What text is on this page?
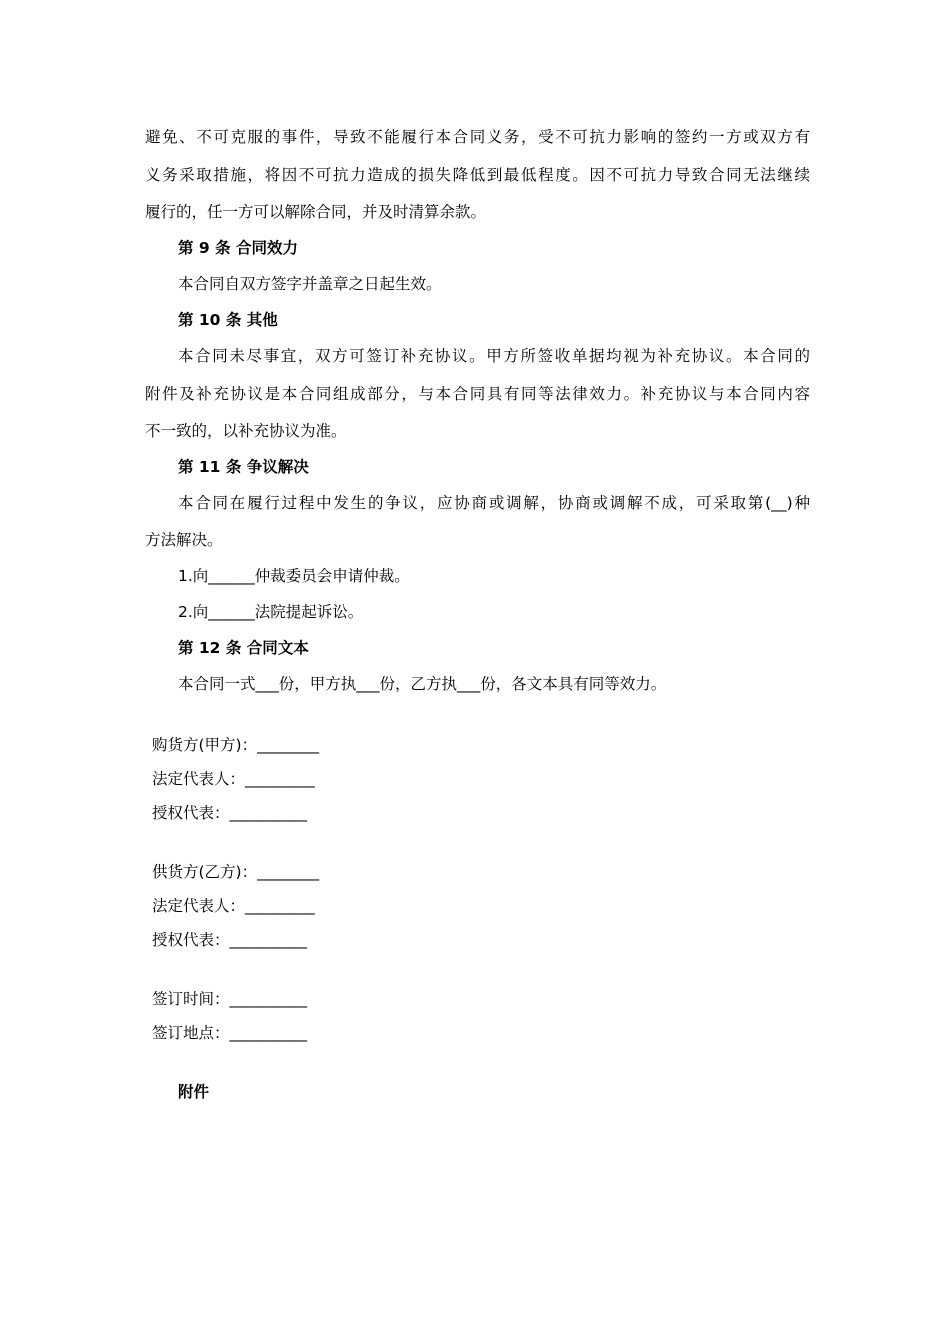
避免、不可克服的事件，导致不能履行本合同义务，受不可抗力影响的签约一方或双方有
义务采取措施，将因不可抗力造成的损失降低到最低程度。因不可抗力导致合同无法继续
履行的，任一方可以解除合同，并及时清算余款。
第 9 条 合同效力
本合同自双方签字并盖章之日起生效。
第 10 条 其他
本合同未尽事宜，双方可签订补充协议。甲方所签收单据均视为补充协议。本合同的
附件及补充协议是本合同组成部分，与本合同具有同等法律效力。补充协议与本合同内容
不一致的，以补充协议为准。
第 11 条 争议解决
本合同在履行过程中发生的争议，应协商或调解，协商或调解不成，可采取第(__)种
方法解决。
1.向______仲裁委员会申请仲裁。
2.向______法院提起诉讼。
第 12 条 合同文本
本合同一式___份，甲方执___份，乙方执___份，各文本具有同等效力。
购货方(甲方)：________
法定代表人：_________
授权代表：__________
供货方(乙方)：________
法定代表人：_________
授权代表：__________
签订时间：__________
签订地点：__________
附件
